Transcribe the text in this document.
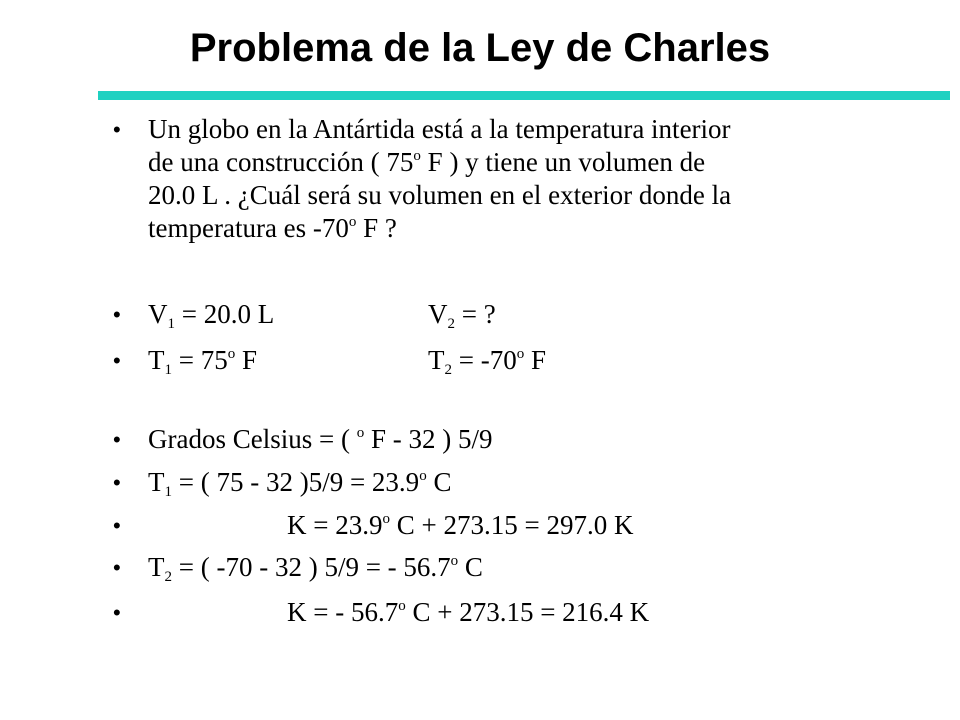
Problema de la Ley de Charles
• Un globo en la Antártida está a la temperatura interior
de una construcción ( 75$^o$ F ) y tiene un volumen de
20.0 L . ¿Cuál será su volumen en el exterior donde la
temperatura es -70$^o$ F ?
• $V_1 = 20.0$ L	$V_2$ = ?
• $T_1 = 75^o$ F	$T_2 = -70^o$ F
• Grados Celsius = ( $^o$ F - 32 ) 5/9
• $T_1$ = ( 75 - 32 )$5/9 = 23.9^o$ C
•	$K = 23.9^o$ C + 273.15 = 297.0 K
• $T_2$ = ( -70 - 32 ) 5/9 = - 56.7$^o$ C
•	K = - 56.7$^o$ C + 273.15 = 216.4 K
